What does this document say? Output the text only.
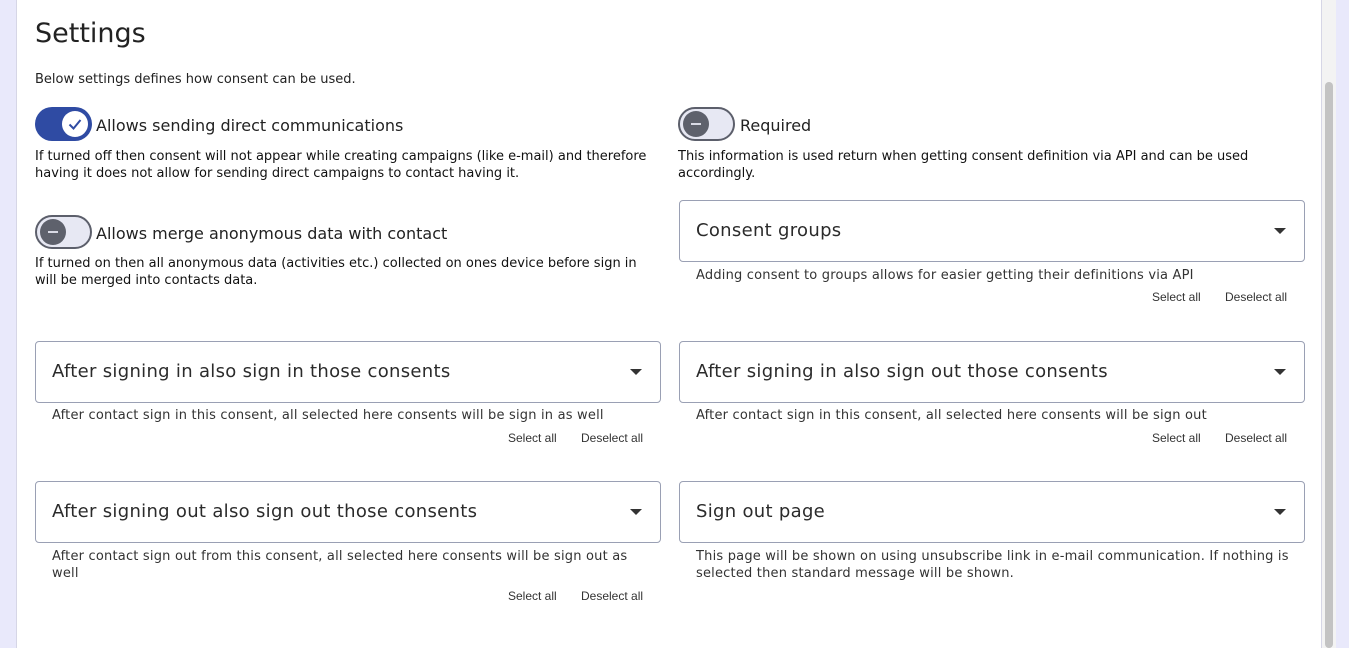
Settings
Below settings defines how consent can be used.
Allows sending direct communications
If turned off then consent will not appear while creating campaigns (like e-mail) and therefore having it does not allow for sending direct campaigns to contact having it.
Required
This information is used return when getting consent definition via API and can be used accordingly.
Allows merge anonymous data with contact
If turned on then all anonymous data (activities etc.) collected on ones device before sign in will be merged into contacts data.
Consent groups
Adding consent to groups allows for easier getting their definitions via API
Select all Deselect all
After signing in also sign in those consents
After contact sign in this consent, all selected here consents will be sign in as well
Select all Deselect all
After signing in also sign out those consents
After contact sign in this consent, all selected here consents will be sign out
Select all Deselect all
After signing out also sign out those consents
After contact sign out from this consent, all selected here consents will be sign out as well
Select all Deselect all
Sign out page
This page will be shown on using unsubscribe link in e-mail communication. If nothing is selected then standard message will be shown.
